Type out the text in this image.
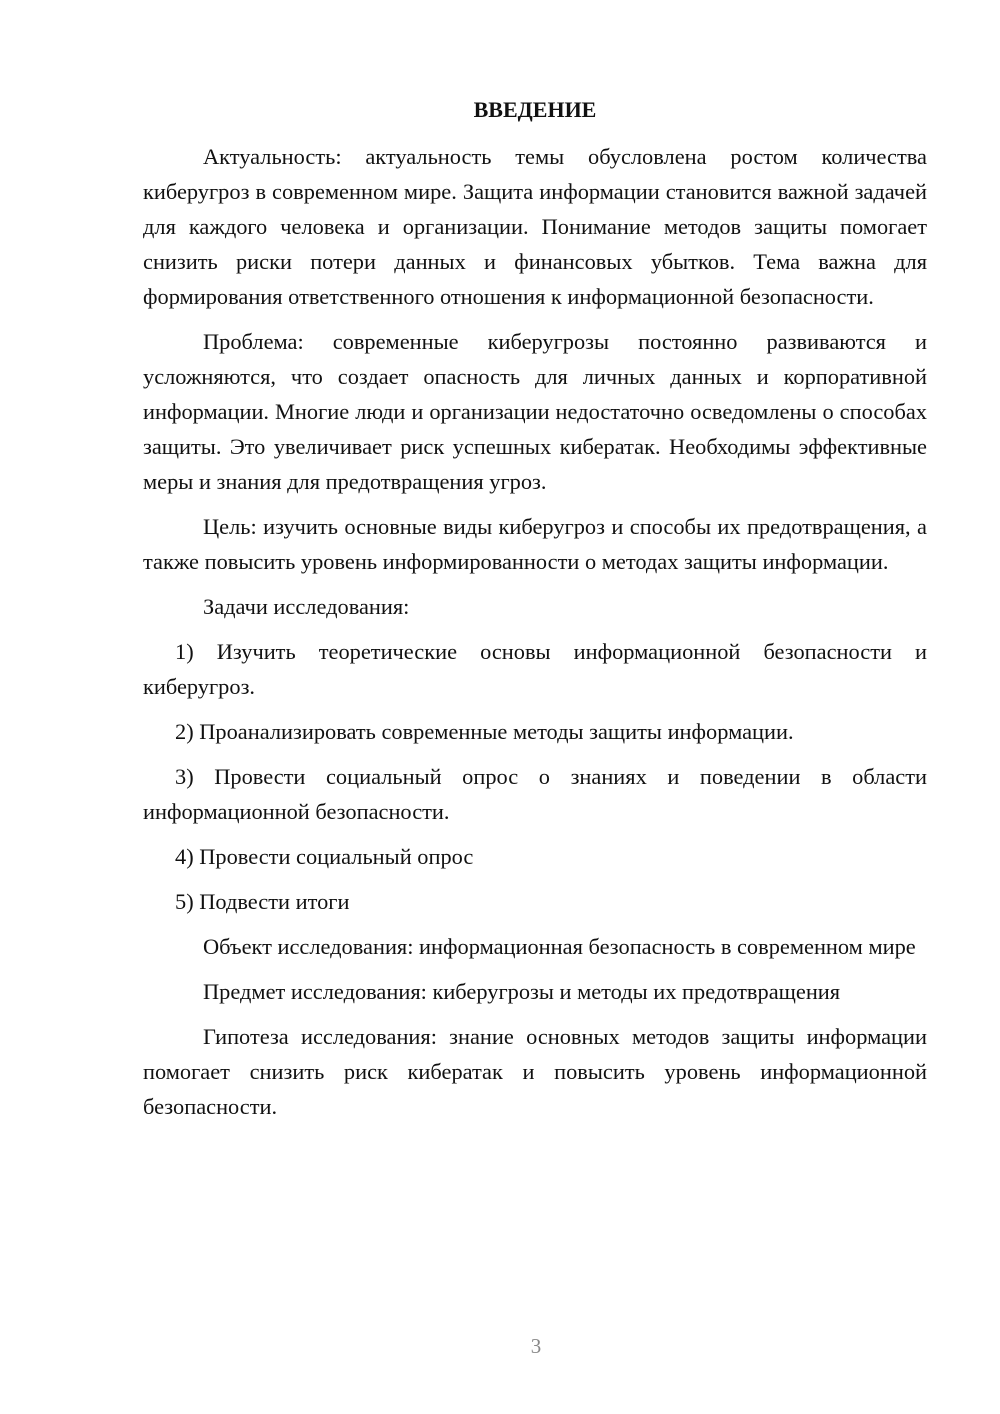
ВВЕДЕНИЕ

Актуальность: актуальность темы обусловлена ростом количества киберугроз в современном мире. Защита информации становится важной задачей для каждого человека и организации. Понимание методов защиты помогает снизить риски потери данных и финансовых убытков. Тема важна для формирования ответственного отношения к информационной безопасности.

Проблема: современные киберугрозы постоянно развиваются и усложняются, что создает опасность для личных данных и корпоративной информации. Многие люди и организации недостаточно осведомлены о способах защиты. Это увеличивает риск успешных кибератак. Необходимы эффективные меры и знания для предотвращения угроз.

Цель: изучить основные виды киберугроз и способы их предотвращения, а также повысить уровень информированности о методах защиты информации.

Задачи исследования:

1) Изучить теоретические основы информационной безопасности и киберугроз.

2) Проанализировать современные методы защиты информации.

3) Провести социальный опрос о знаниях и поведении в области информационной безопасности.

4) Провести социальный опрос

5) Подвести итоги

Объект исследования: информационная безопасность в современном мире

Предмет исследования: киберугрозы и методы их предотвращения

Гипотеза исследования: знание основных методов защиты информации помогает снизить риск кибератак и повысить уровень информационной безопасности.

3
